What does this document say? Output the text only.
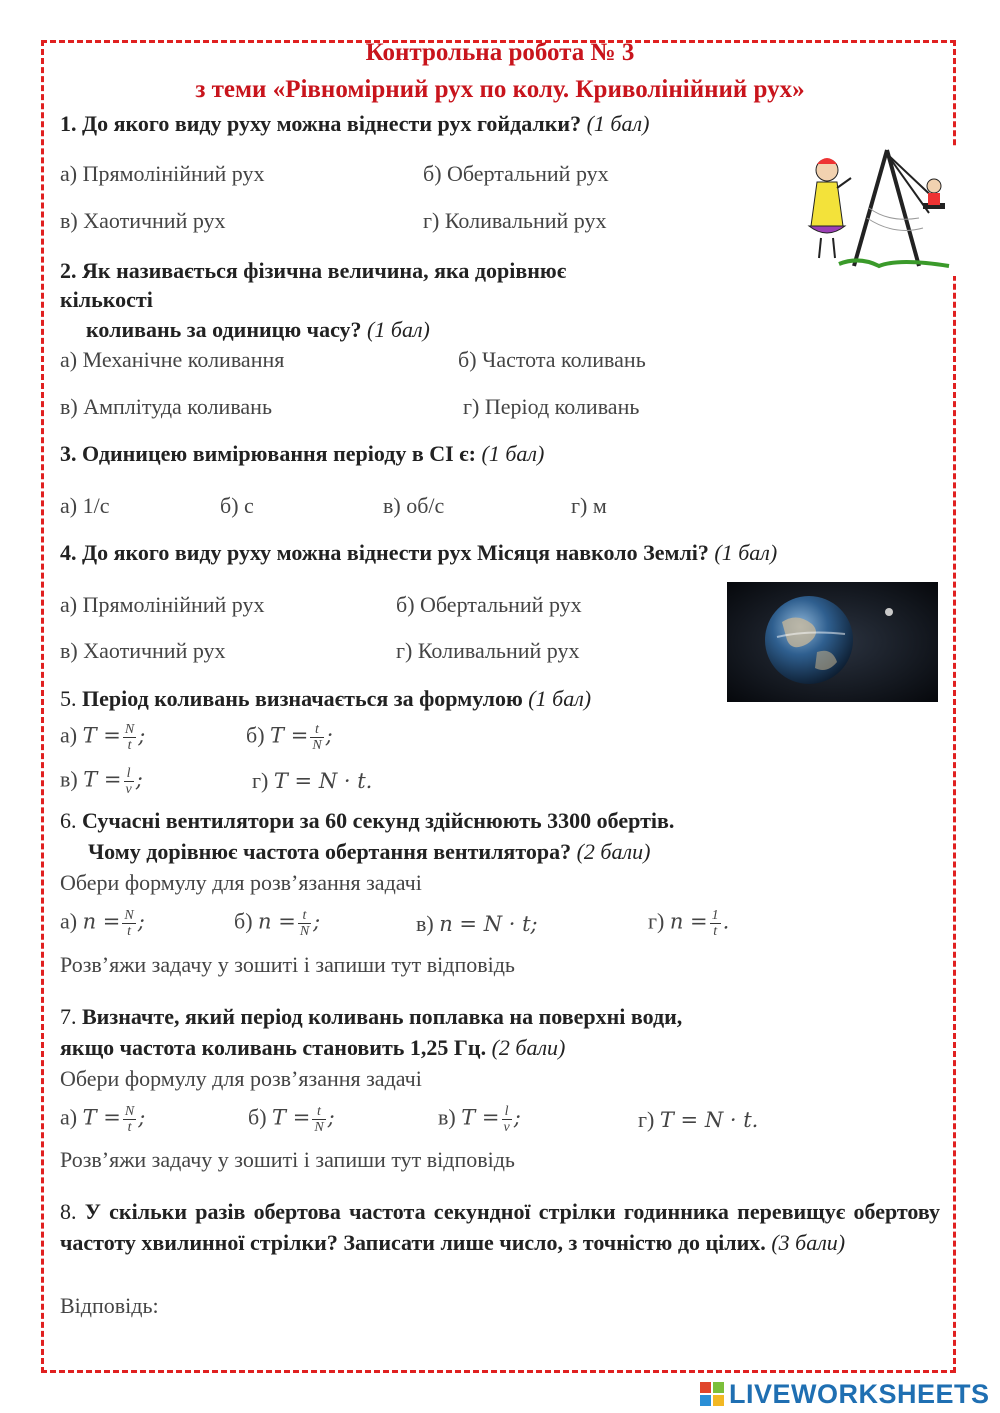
Контрольна робота № 3
з теми «Рівномірний рух по колу. Криволінійний рух»
1. До якого виду руху можна віднести рух гойдалки? (1 бал)
а) Прямолінійний рух	б) Обертальний рух
в) Хаотичний рух	г) Коливальний рух
2. Як називається фізична величина, яка дорівнює
кількості
коливань за одиницю часу? (1 бал)
а) Механічне коливання	б) Частота коливань
в) Амплітуда коливань	г) Період коливань
3. Одиницею вимірювання періоду в СІ є: (1 бал)
а) 1/с	б) с	в) об/с	г) м
4. До якого виду руху можна віднести рух Місяця навколо Землі? (1 бал)
а) Прямолінійний рух	б) Обертальний рух
в) Хаотичний рух	г) Коливальний рух
5. Період коливань визначається за формулою (1 бал)
а) $T = \frac{N}{t}$ ;	б) $T = \frac{t}{N}$ ;
в) $T = \frac{l}{v}$ ;	г) T = N · t.
6. Сучасні вентилятори за 60 секунд здійснюють 3300 обертів.
Чому дорівнює частота обертання вентилятора? (2 бали)
Обери формулу для розв’язання задачі
а) $n = \frac{N}{t}$ ;	б) $n = \frac{t}{N}$ ;	в) n = N · t;	г) $n = \frac{1}{t}$ .
Розв’яжи задачу у зошиті і запиши тут відповідь
7. Визначте, який період коливань поплавка на поверхні води,
якщо частота коливань становить 1,25 Гц. (2 бали)
Обери формулу для розв’язання задачі
а) $T = \frac{N}{t}$ ;	б) $T = \frac{t}{N}$ ;	в) $T = \frac{l}{v}$ ;	г) T = N · t.
Розв’яжи задачу у зошиті і запиши тут відповідь
8. У скільки разів обертова частота секундної стрілки годинника перевищує обертову частоту хвилинної стрілки? Записати лише число, з точністю до цілих. (3 бали)
Відповідь:
LIVEWORKSHEETS
